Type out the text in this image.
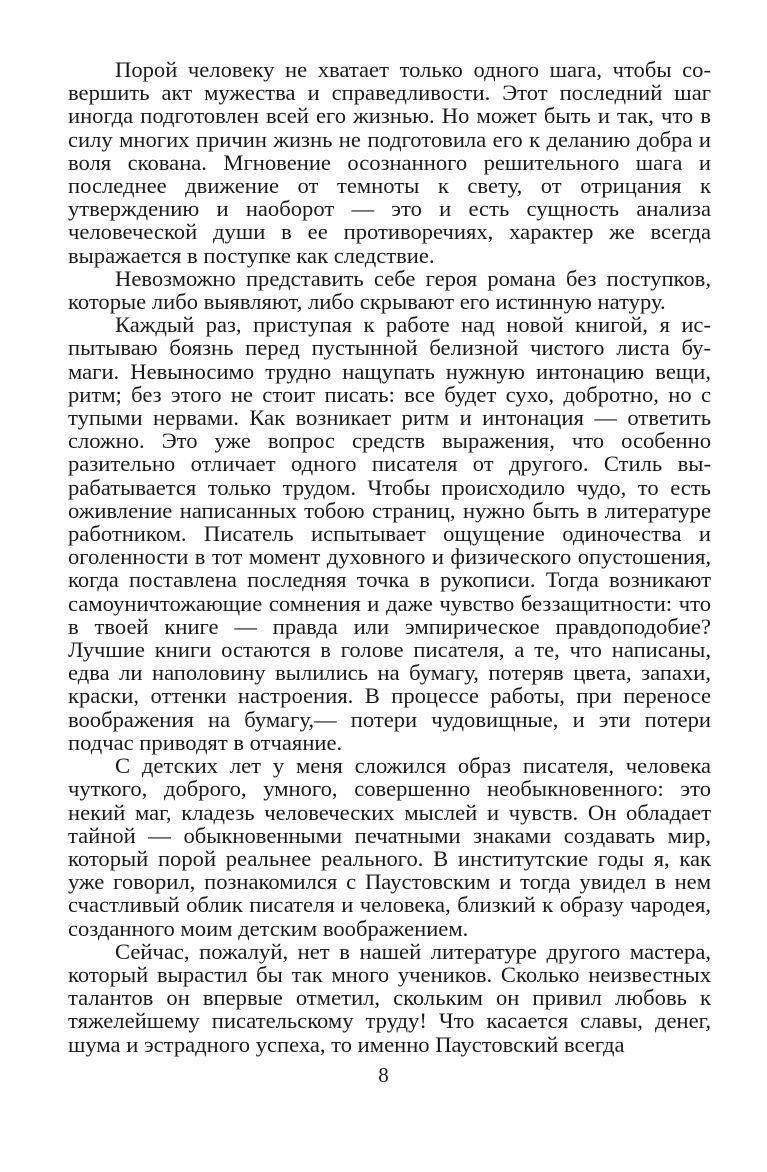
Порой человеку не хватает только одного шага, чтобы совершить акт мужества и справедливости. Этот последний шаг иногда подготовлен всей его жизнью. Но может быть и так, что в силу многих причин жизнь не подготовила его к деланию добра и воля скована. Мгновение осознанного решительного шага и последнее движение от темноты к свету, от отрицания к утверждению и наоборот — это и есть сущность анализа человеческой души в ее противоречиях, характер же всегда выражается в поступке как следствие.

Невозможно представить себе героя романа без поступков, которые либо выявляют, либо скрывают его истинную натуру.

Каждый раз, приступая к работе над новой книгой, я испытываю боязнь перед пустынной белизной чистого листа бумаги. Невыносимо трудно нащупать нужную интонацию вещи, ритм; без этого не стоит писать: все будет сухо, добротно, но с тупыми нервами. Как возникает ритм и интонация — ответить сложно. Это уже вопрос средств выражения, что особенно разительно отличает одного писателя от другого. Стиль вырабатывается только трудом. Чтобы происходило чудо, то есть оживление написанных тобою страниц, нужно быть в литературе работником. Писатель испытывает ощущение одиночества и оголенности в тот момент духовного и физического опустошения, когда поставлена последняя точка в рукописи. Тогда возникают самоуничтожающие сомнения и даже чувство беззащитности: что в твоей книге — правда или эмпирическое правдоподобие? Лучшие книги остаются в голове писателя, а те, что написаны, едва ли наполовину вылились на бумагу, потеряв цвета, запахи, краски, оттенки настроения. В процессе работы, при переносе воображения на бумагу,— потери чудовищные, и эти потери подчас приводят в отчаяние.

С детских лет у меня сложился образ писателя, человека чуткого, доброго, умного, совершенно необыкновенного: это некий маг, кладезь человеческих мыслей и чувств. Он обладает тайной — обыкновенными печатными знаками создавать мир, который порой реальнее реального. В институтские годы я, как уже говорил, познакомился с Паустовским и тогда увидел в нем счастливый облик писателя и человека, близкий к образу чародея, созданного моим детским воображением.

Сейчас, пожалуй, нет в нашей литературе другого мастера, который вырастил бы так много учеников. Сколько неизвестных талантов он впервые отметил, скольким он привил любовь к тяжелейшему писательскому труду! Что касается славы, денег, шума и эстрадного успеха, то именно Паустовский всегда

8
